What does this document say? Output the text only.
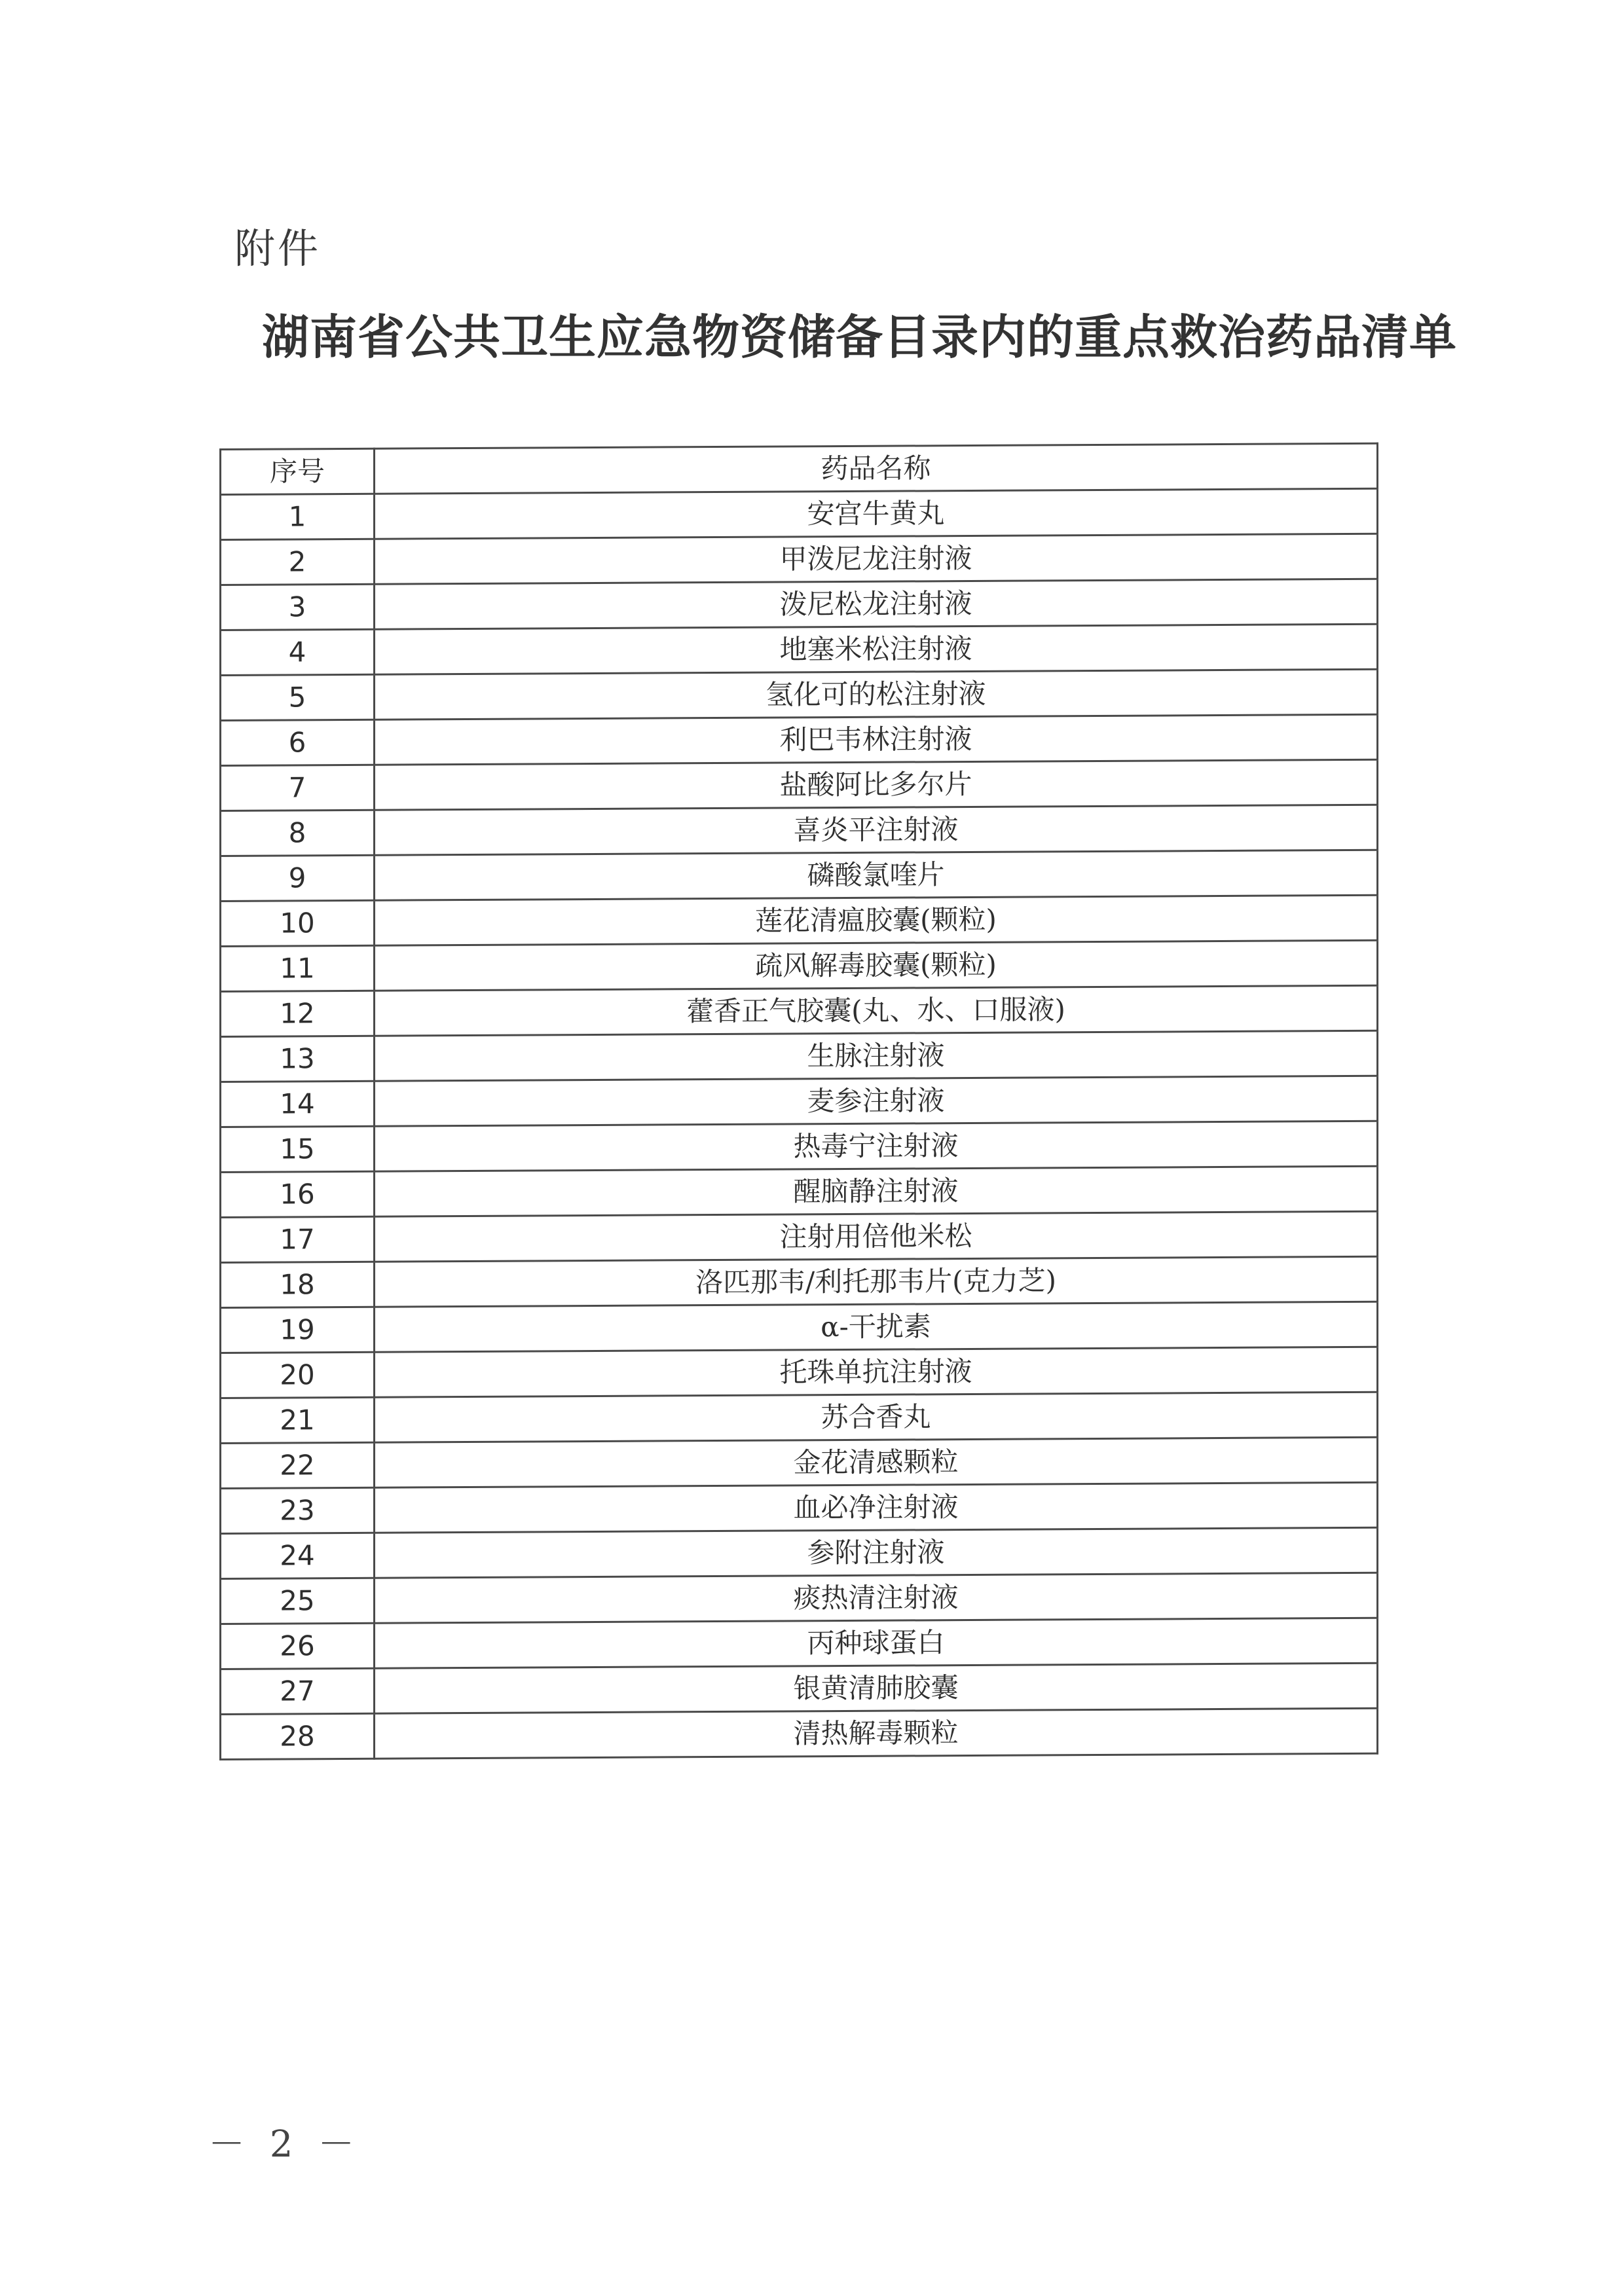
附件
湖南省公共卫生应急物资储备目录内的重点救治药品清单
序号	药品名称
1	安宫牛黄丸
2	甲泼尼龙注射液
3	泼尼松龙注射液
4	地塞米松注射液
5	氢化可的松注射液
6	利巴韦林注射液
7	盐酸阿比多尔片
8	喜炎平注射液
9	磷酸氯喹片
10	莲花清瘟胶囊(颗粒)
11	疏风解毒胶囊(颗粒)
12	藿香正气胶囊(丸、水、口服液)
13	生脉注射液
14	麦参注射液
15	热毒宁注射液
16	醒脑静注射液
17	注射用倍他米松
18	洛匹那韦/利托那韦片(克力芝)
19	α-干扰素
20	托珠单抗注射液
21	苏合香丸
22	金花清感颗粒
23	血必净注射液
24	参附注射液
25	痰热清注射液
26	丙种球蛋白
27	银黄清肺胶囊
28	清热解毒颗粒
－ 2 －
